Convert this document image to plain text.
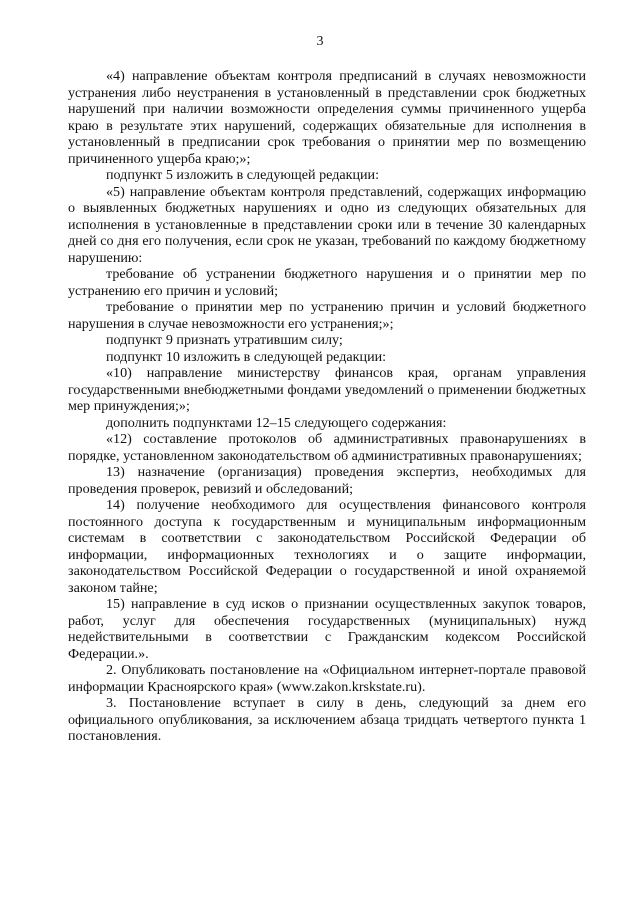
3

«4) направление объектам контроля предписаний в случаях невозможности устранения либо неустранения в установленный в представлении срок бюджетных нарушений при наличии возможности определения суммы причиненного ущерба краю в результате этих нарушений, содержащих обязательные для исполнения в установленный в предписании срок требования о принятии мер по возмещению причиненного ущерба краю;»;

подпункт 5 изложить в следующей редакции:

«5) направление объектам контроля представлений, содержащих информацию о выявленных бюджетных нарушениях и одно из следующих обязательных для исполнения в установленные в представлении сроки или в течение 30 календарных дней со дня его получения, если срок не указан, требований по каждому бюджетному нарушению:

требование об устранении бюджетного нарушения и о принятии мер по устранению его причин и условий;

требование о принятии мер по устранению причин и условий бюджетного нарушения в случае невозможности его устранения;»;

подпункт 9 признать утратившим силу;

подпункт 10 изложить в следующей редакции:

«10) направление министерству финансов края, органам управления государственными внебюджетными фондами уведомлений о применении бюджетных мер принуждения;»;

дополнить подпунктами 12–15 следующего содержания:

«12) составление протоколов об административных правонарушениях в порядке, установленном законодательством об административных правонарушениях;

13) назначение (организация) проведения экспертиз, необходимых для проведения проверок, ревизий и обследований;

14) получение необходимого для осуществления финансового контроля постоянного доступа к государственным и муниципальным информационным системам в соответствии с законодательством Российской Федерации об информации, информационных технологиях и о защите информации, законодательством Российской Федерации о государственной и иной охраняемой законом тайне;

15) направление в суд исков о признании осуществленных закупок товаров, работ, услуг для обеспечения государственных (муниципальных) нужд недействительными в соответствии с Гражданским кодексом Российской Федерации.».

2. Опубликовать постановление на «Официальном интернет-портале правовой информации Красноярского края» (www.zakon.krskstate.ru).

3. Постановление вступает в силу в день, следующий за днем его официального опубликования, за исключением абзаца тридцать четвертого пункта 1 постановления.
